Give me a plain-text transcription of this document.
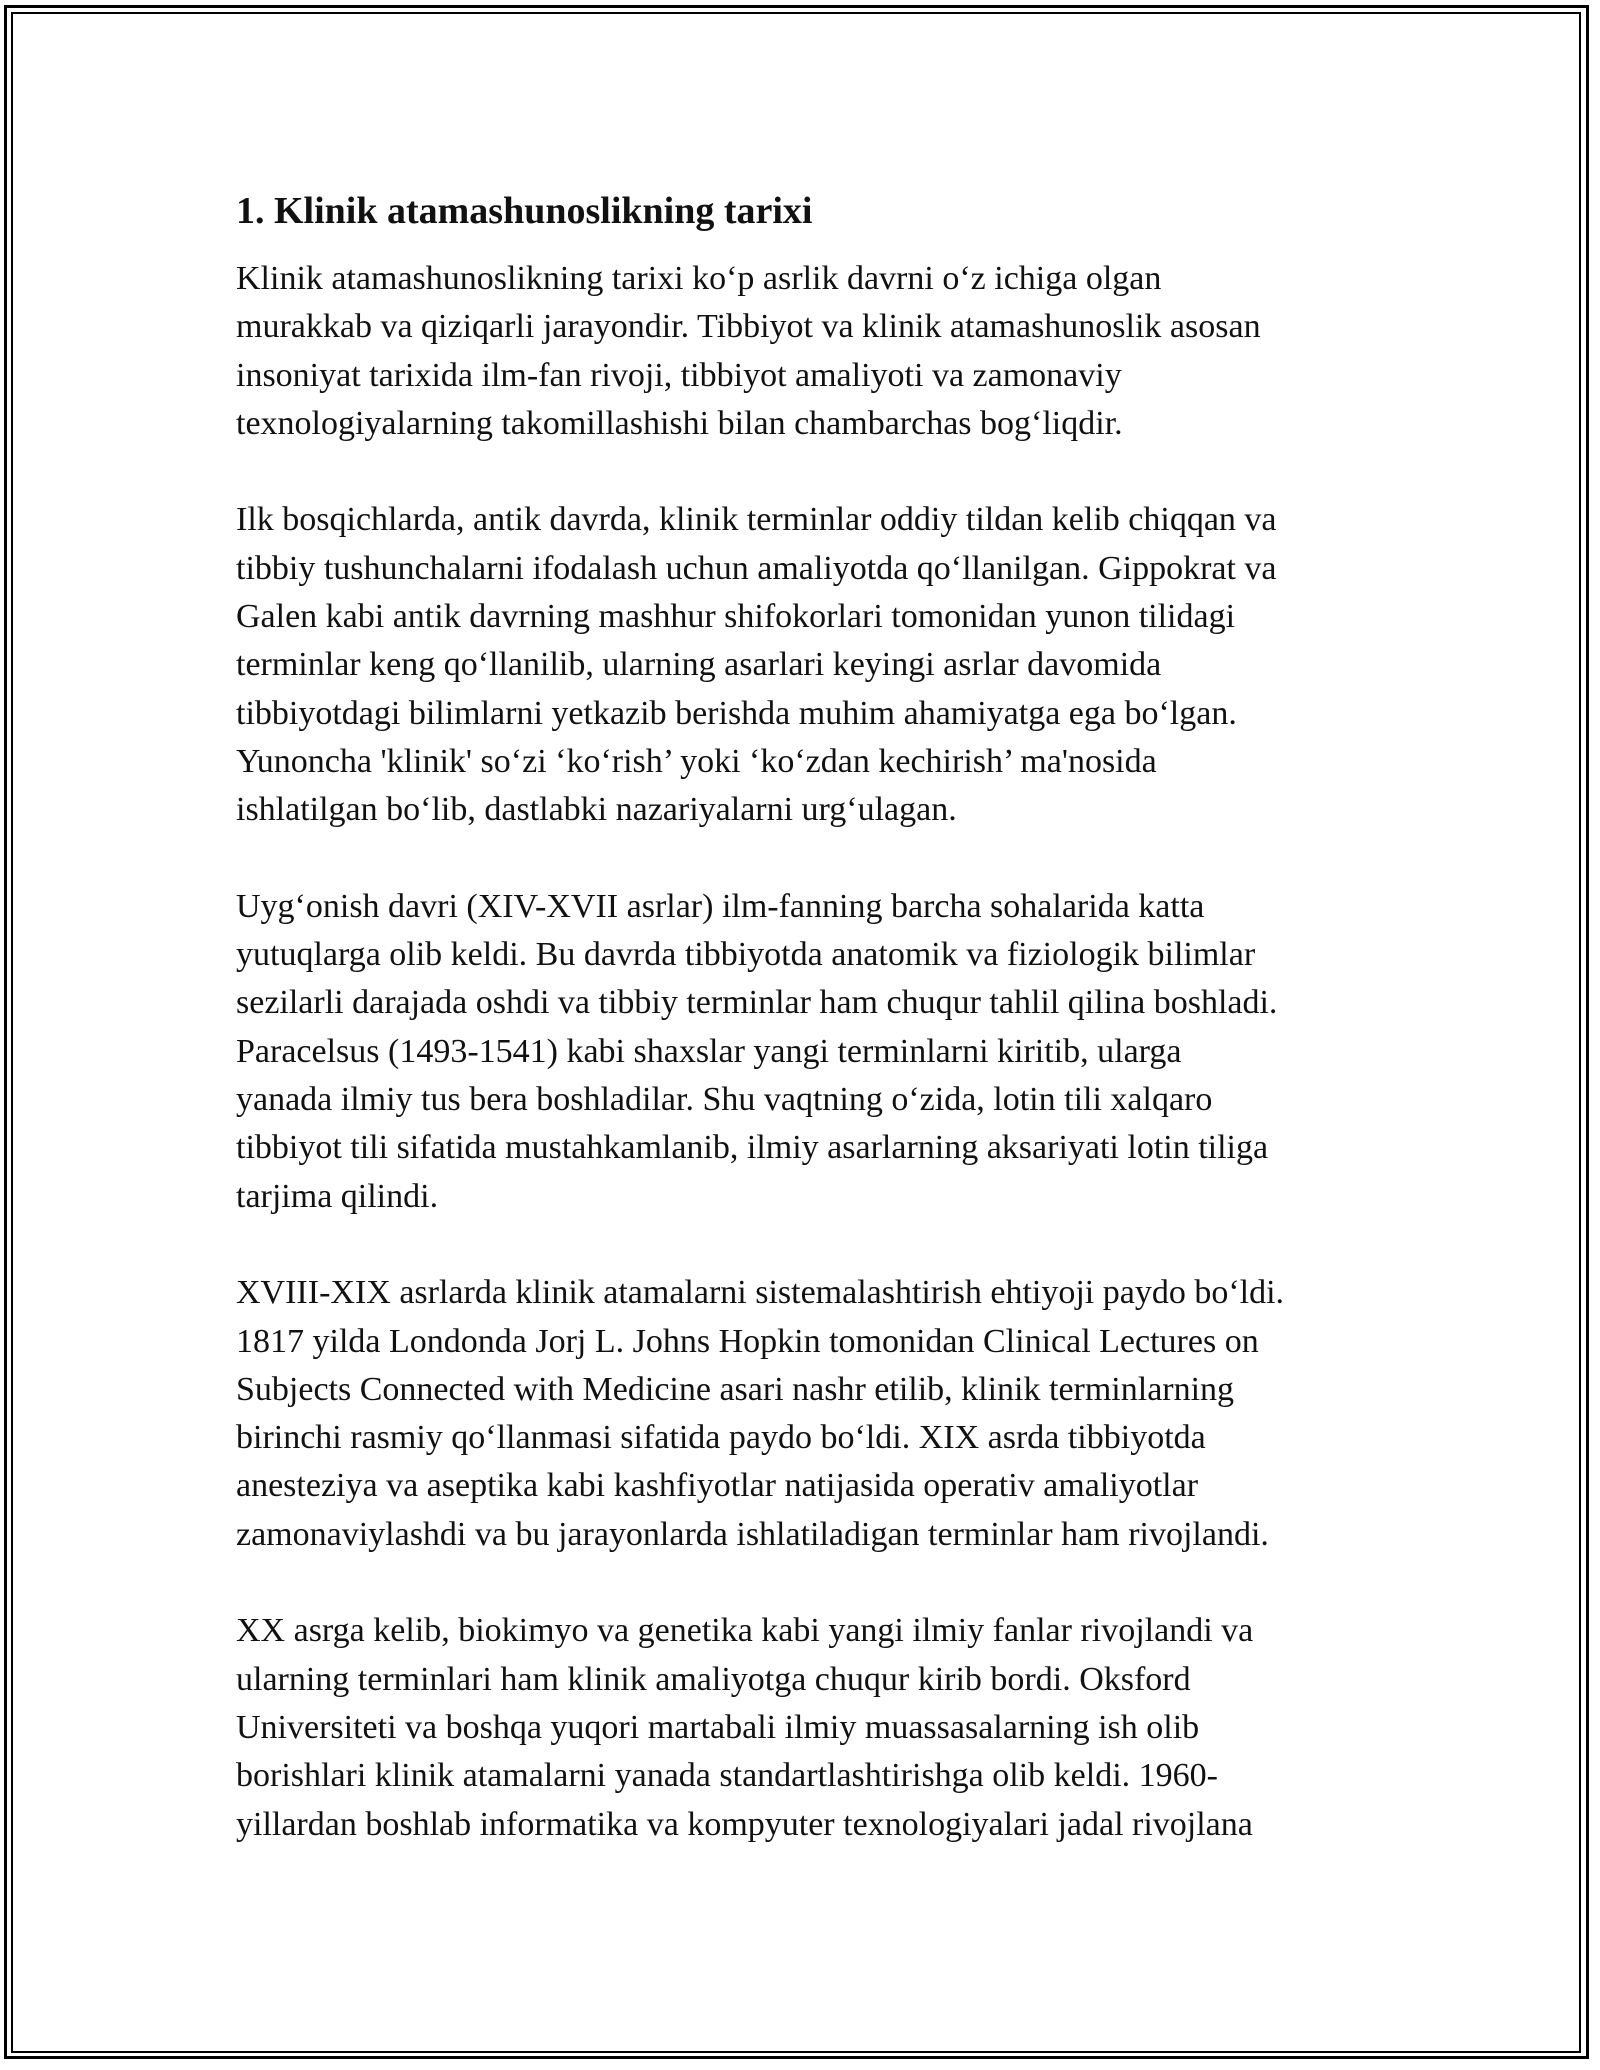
1. Klinik atamashunoslikning tarixi

Klinik atamashunoslikning tarixi koʻp asrlik davrni oʻz ichiga olgan
murakkab va qiziqarli jarayondir. Tibbiyot va klinik atamashunoslik asosan
insoniyat tarixida ilm-fan rivoji, tibbiyot amaliyoti va zamonaviy
texnologiyalarning takomillashishi bilan chambarchas bogʻliqdir.

Ilk bosqichlarda, antik davrda, klinik terminlar oddiy tildan kelib chiqqan va
tibbiy tushunchalarni ifodalash uchun amaliyotda qoʻllanilgan. Gippokrat va
Galen kabi antik davrning mashhur shifokorlari tomonidan yunon tilidagi
terminlar keng qoʻllanilib, ularning asarlari keyingi asrlar davomida
tibbiyotdagi bilimlarni yetkazib berishda muhim ahamiyatga ega boʻlgan.
Yunoncha 'klinik' soʻzi ‘koʻrish’ yoki ‘koʻzdan kechirish’ ma'nosida
ishlatilgan boʻlib, dastlabki nazariyalarni urgʻulagan.

Uygʻonish davri (XIV-XVII asrlar) ilm-fanning barcha sohalarida katta
yutuqlarga olib keldi. Bu davrda tibbiyotda anatomik va fiziologik bilimlar
sezilarli darajada oshdi va tibbiy terminlar ham chuqur tahlil qilina boshladi.
Paracelsus (1493-1541) kabi shaxslar yangi terminlarni kiritib, ularga
yanada ilmiy tus bera boshladilar. Shu vaqtning oʻzida, lotin tili xalqaro
tibbiyot tili sifatida mustahkamlanib, ilmiy asarlarning aksariyati lotin tiliga
tarjima qilindi.

XVIII-XIX asrlarda klinik atamalarni sistemalashtirish ehtiyoji paydo boʻldi.
1817 yilda Londonda Jorj L. Johns Hopkin tomonidan Clinical Lectures on
Subjects Connected with Medicine asari nashr etilib, klinik terminlarning
birinchi rasmiy qoʻllanmasi sifatida paydo boʻldi. XIX asrda tibbiyotda
anesteziya va aseptika kabi kashfiyotlar natijasida operativ amaliyotlar
zamonaviylashdi va bu jarayonlarda ishlatiladigan terminlar ham rivojlandi.

XX asrga kelib, biokimyo va genetika kabi yangi ilmiy fanlar rivojlandi va
ularning terminlari ham klinik amaliyotga chuqur kirib bordi. Oksford
Universiteti va boshqa yuqori martabali ilmiy muassasalarning ish olib
borishlari klinik atamalarni yanada standartlashtirishga olib keldi. 1960-
yillardan boshlab informatika va kompyuter texnologiyalari jadal rivojlana
